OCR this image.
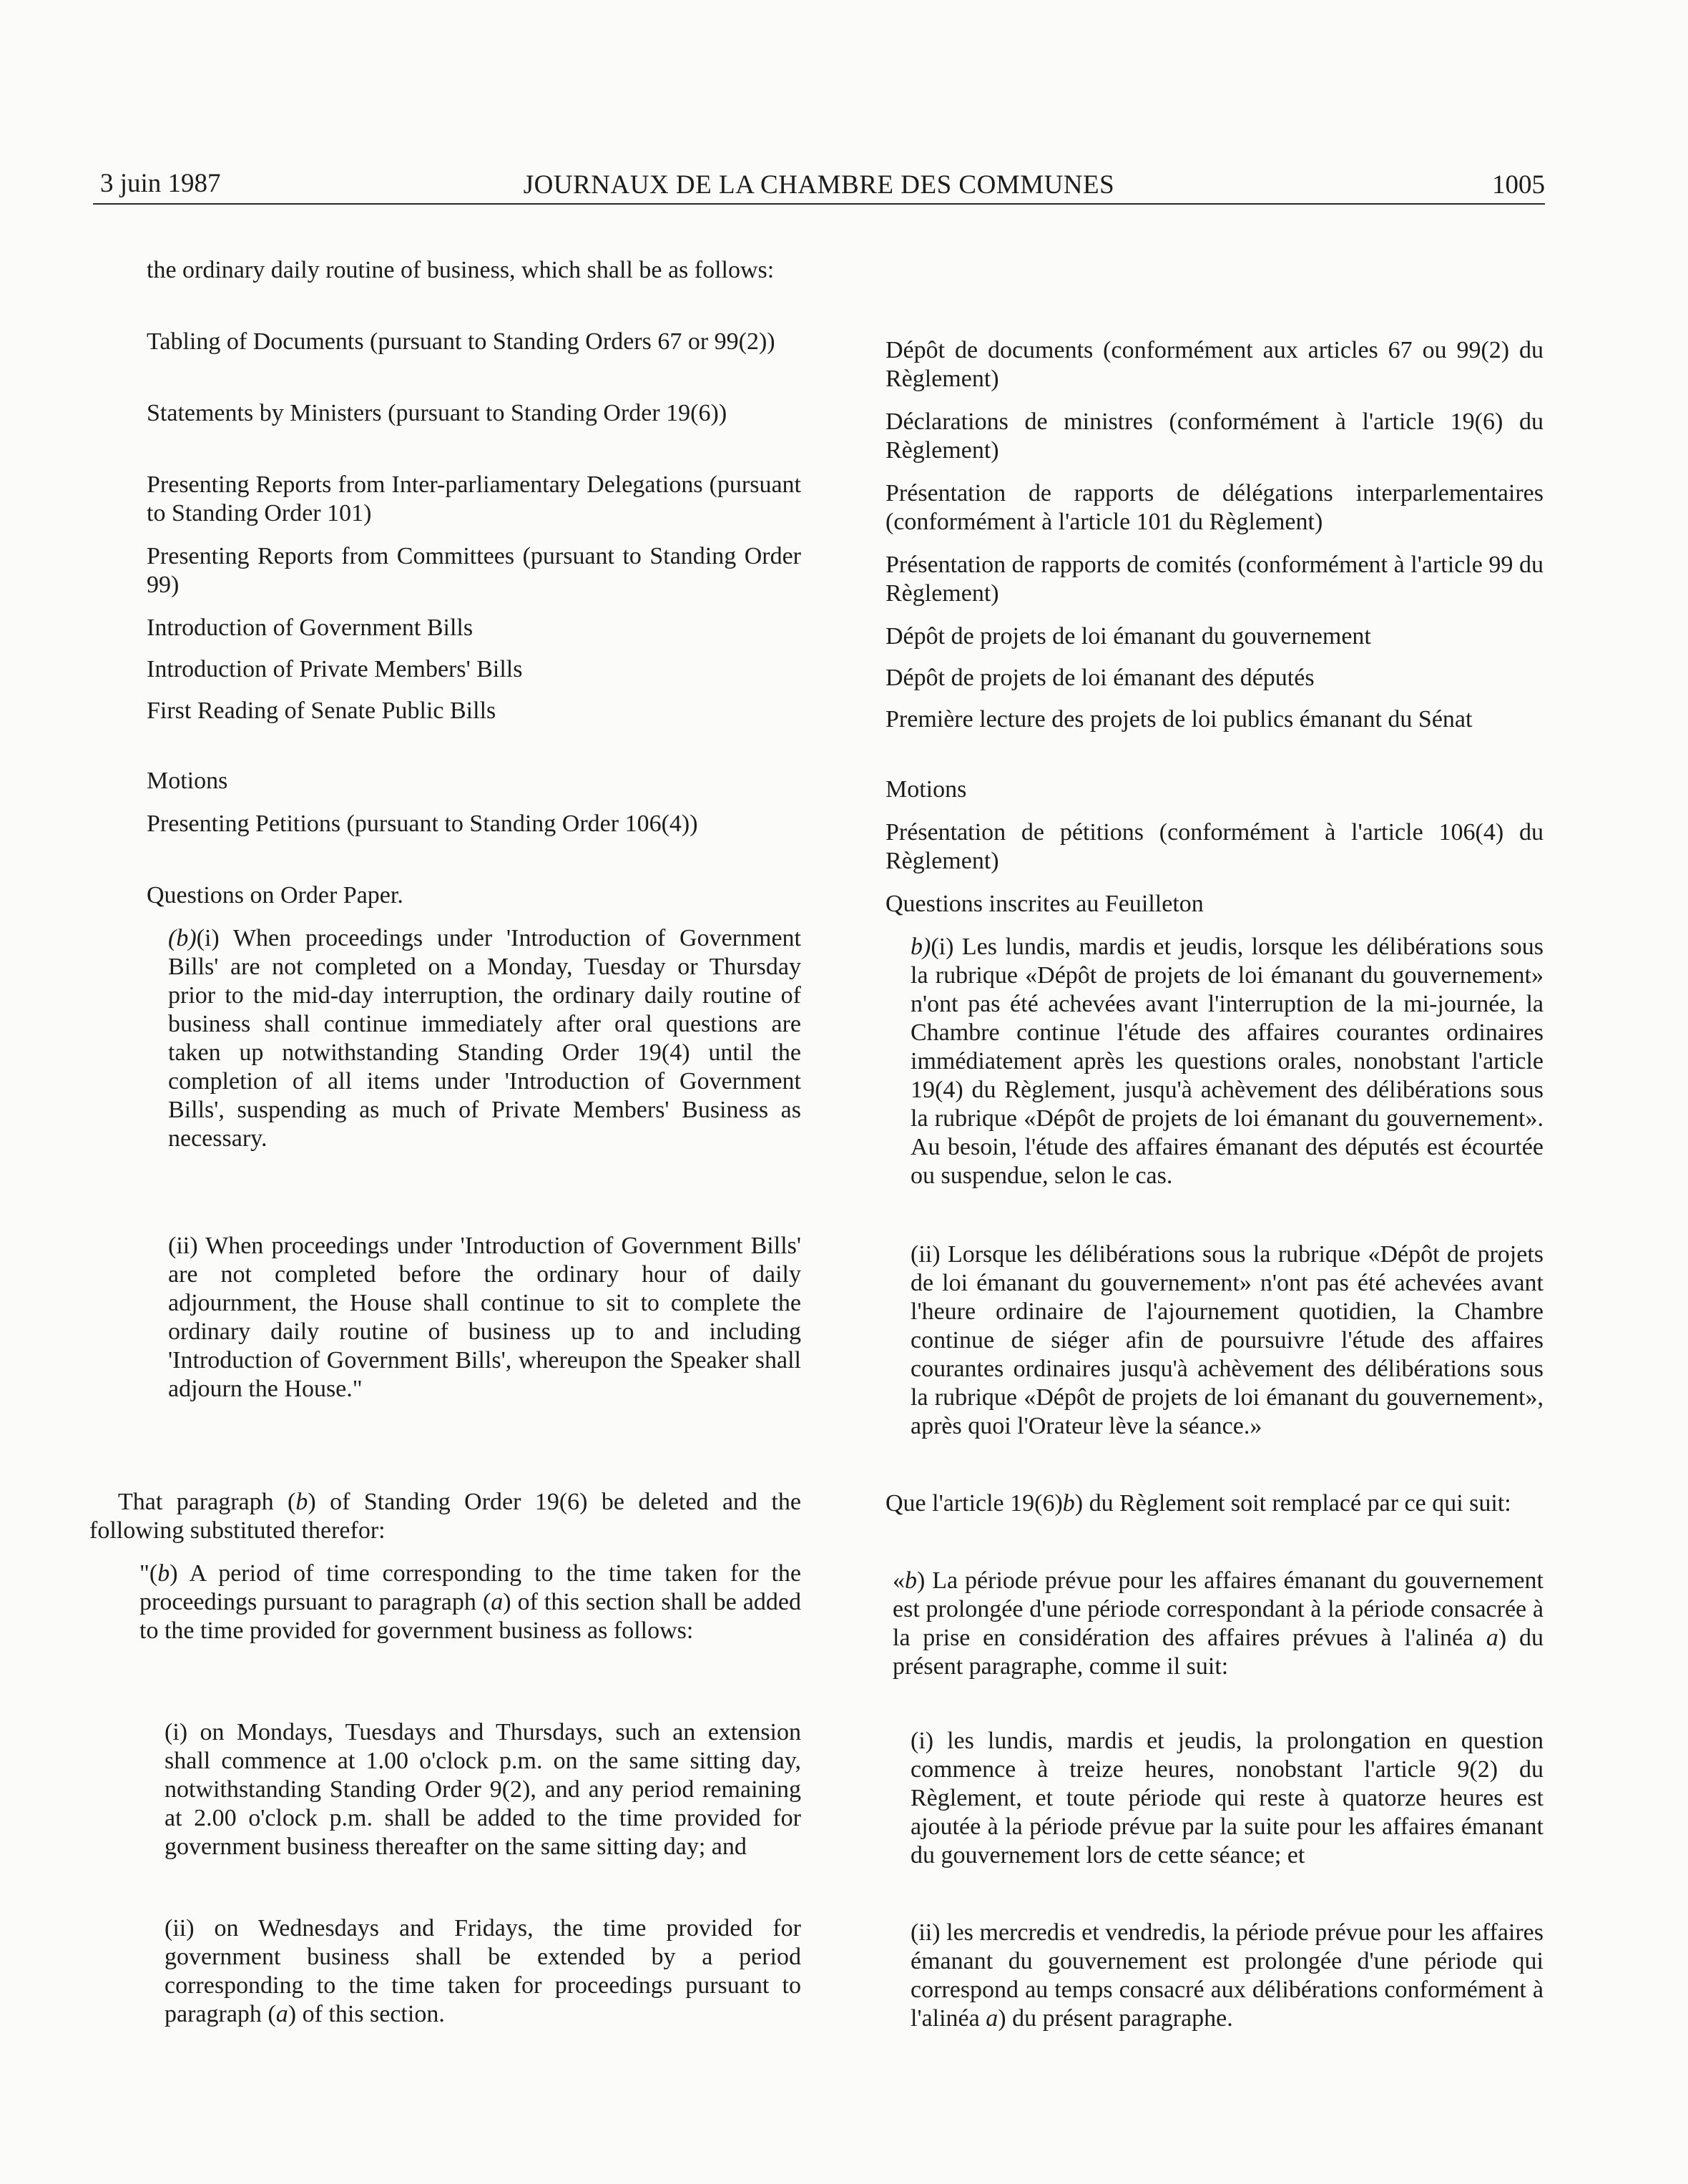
3 juin 1987	JOURNAUX DE LA CHAMBRE DES COMMUNES	1005

the ordinary daily routine of business, which shall be as follows:

Tabling of Documents (pursuant to Standing Orders 67 or 99(2))

Statements by Ministers (pursuant to Standing Order 19(6))

Presenting Reports from Inter-parliamentary Delegations (pursuant to Standing Order 101)

Presenting Reports from Committees (pursuant to Standing Order 99)

Introduction of Government Bills

Introduction of Private Members' Bills

First Reading of Senate Public Bills

Motions

Presenting Petitions (pursuant to Standing Order 106(4))

Questions on Order Paper.

(b)(i) When proceedings under 'Introduction of Government Bills' are not completed on a Monday, Tuesday or Thursday prior to the mid-day interruption, the ordinary daily routine of business shall continue immediately after oral questions are taken up notwithstanding Standing Order 19(4) until the completion of all items under 'Introduction of Government Bills', suspending as much of Private Members' Business as necessary.

(ii) When proceedings under 'Introduction of Government Bills' are not completed before the ordinary hour of daily adjournment, the House shall continue to sit to complete the ordinary daily routine of business up to and including 'Introduction of Government Bills', whereupon the Speaker shall adjourn the House."

That paragraph (b) of Standing Order 19(6) be deleted and the following substituted therefor:

"(b) A period of time corresponding to the time taken for the proceedings pursuant to paragraph (a) of this section shall be added to the time provided for government business as follows:

(i) on Mondays, Tuesdays and Thursdays, such an extension shall commence at 1.00 o'clock p.m. on the same sitting day, notwithstanding Standing Order 9(2), and any period remaining at 2.00 o'clock p.m. shall be added to the time provided for government business thereafter on the same sitting day; and

(ii) on Wednesdays and Fridays, the time provided for government business shall be extended by a period corresponding to the time taken for proceedings pursuant to paragraph (a) of this section.

Dépôt de documents (conformément aux articles 67 ou 99(2) du Règlement)

Déclarations de ministres (conformément à l'article 19(6) du Règlement)

Présentation de rapports de délégations interparlementaires (conformément à l'article 101 du Règlement)

Présentation de rapports de comités (conformément à l'article 99 du Règlement)

Dépôt de projets de loi émanant du gouvernement

Dépôt de projets de loi émanant des députés

Première lecture des projets de loi publics émanant du Sénat

Motions

Présentation de pétitions (conformément à l'article 106(4) du Règlement)

Questions inscrites au Feuilleton

b)(i) Les lundis, mardis et jeudis, lorsque les délibérations sous la rubrique «Dépôt de projets de loi émanant du gouvernement» n'ont pas été achevées avant l'interruption de la mi-journée, la Chambre continue l'étude des affaires courantes ordinaires immédiatement après les questions orales, nonobstant l'article 19(4) du Règlement, jusqu'à achèvement des délibérations sous la rubrique «Dépôt de projets de loi émanant du gouvernement». Au besoin, l'étude des affaires émanant des députés est écourtée ou suspendue, selon le cas.

(ii) Lorsque les délibérations sous la rubrique «Dépôt de projets de loi émanant du gouvernement» n'ont pas été achevées avant l'heure ordinaire de l'ajournement quotidien, la Chambre continue de siéger afin de poursuivre l'étude des affaires courantes ordinaires jusqu'à achèvement des délibérations sous la rubrique «Dépôt de projets de loi émanant du gouvernement», après quoi l'Orateur lève la séance.»

Que l'article 19(6)b) du Règlement soit remplacé par ce qui suit:

«b) La période prévue pour les affaires émanant du gouvernement est prolongée d'une période correspondant à la période consacrée à la prise en considération des affaires prévues à l'alinéa a) du présent paragraphe, comme il suit:

(i) les lundis, mardis et jeudis, la prolongation en question commence à treize heures, nonobstant l'article 9(2) du Règlement, et toute période qui reste à quatorze heures est ajoutée à la période prévue par la suite pour les affaires émanant du gouvernement lors de cette séance; et

(ii) les mercredis et vendredis, la période prévue pour les affaires émanant du gouvernement est prolongée d'une période qui correspond au temps consacré aux délibérations conformément à l'alinéa a) du présent paragraphe.
